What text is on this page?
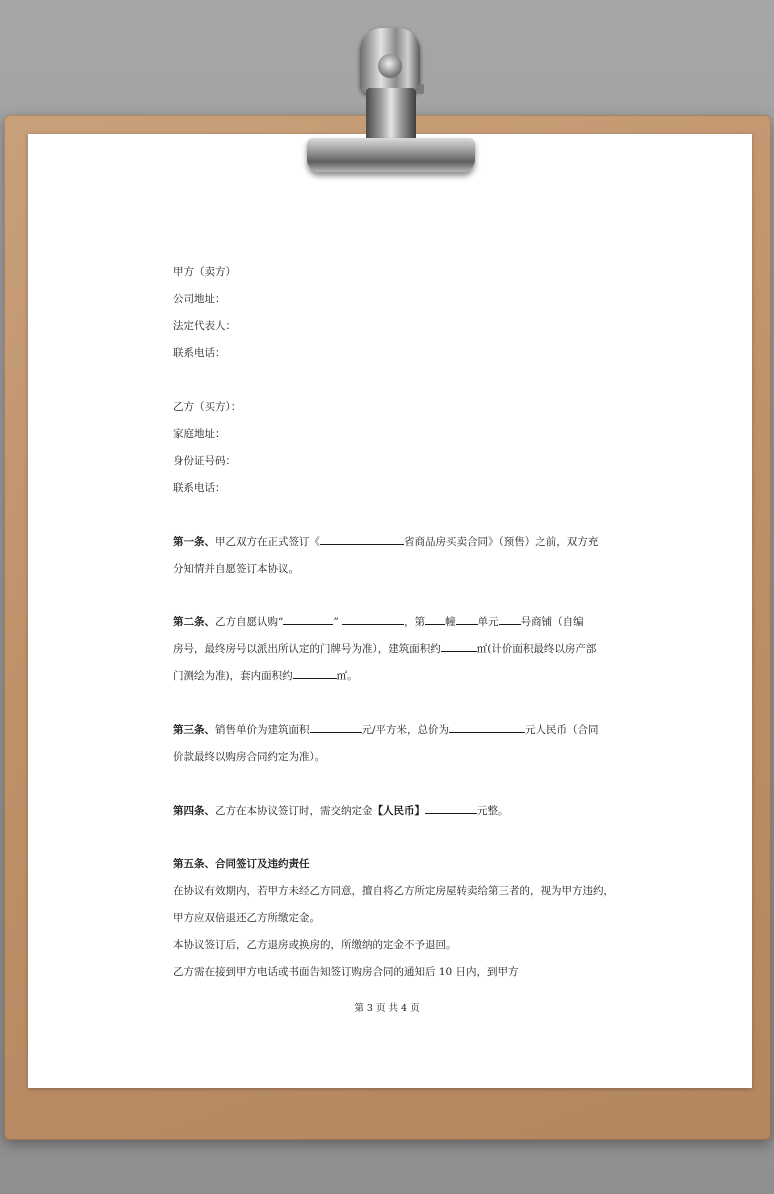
甲方（卖方）
公司地址：
法定代表人：
联系电话：
乙方（买方）：
家庭地址：
身份证号码：
联系电话：
第一条、甲乙双方在正式签订《	省商品房买卖合同》（预售）之前，双方充
分知情并自愿签订本协议。
第二条、乙方自愿认购“	”	，第 幢 单元 号商铺（自编
房号，最终房号以派出所认定的门牌号为准），建筑面积约	㎡(计价面积最终以房产部
门测绘为准)，套内面积约	㎡。
第三条、销售单价为建筑面积	元/平方米，总价为	元人民币（合同
价款最终以购房合同约定为准）。
第四条、乙方在本协议签订时，需交纳定金【人民币】	元整。
第五条、合同签订及违约责任
在协议有效期内，若甲方未经乙方同意，擅自将乙方所定房屋转卖给第三者的，视为甲方违约，
甲方应双倍退还乙方所缴定金。
本协议签订后，乙方退房或换房的，所缴纳的定金不予退回。
乙方需在接到甲方电话或书面告知签订购房合同的通知后 10 日内，到甲方
第 3 页 共 4 页
